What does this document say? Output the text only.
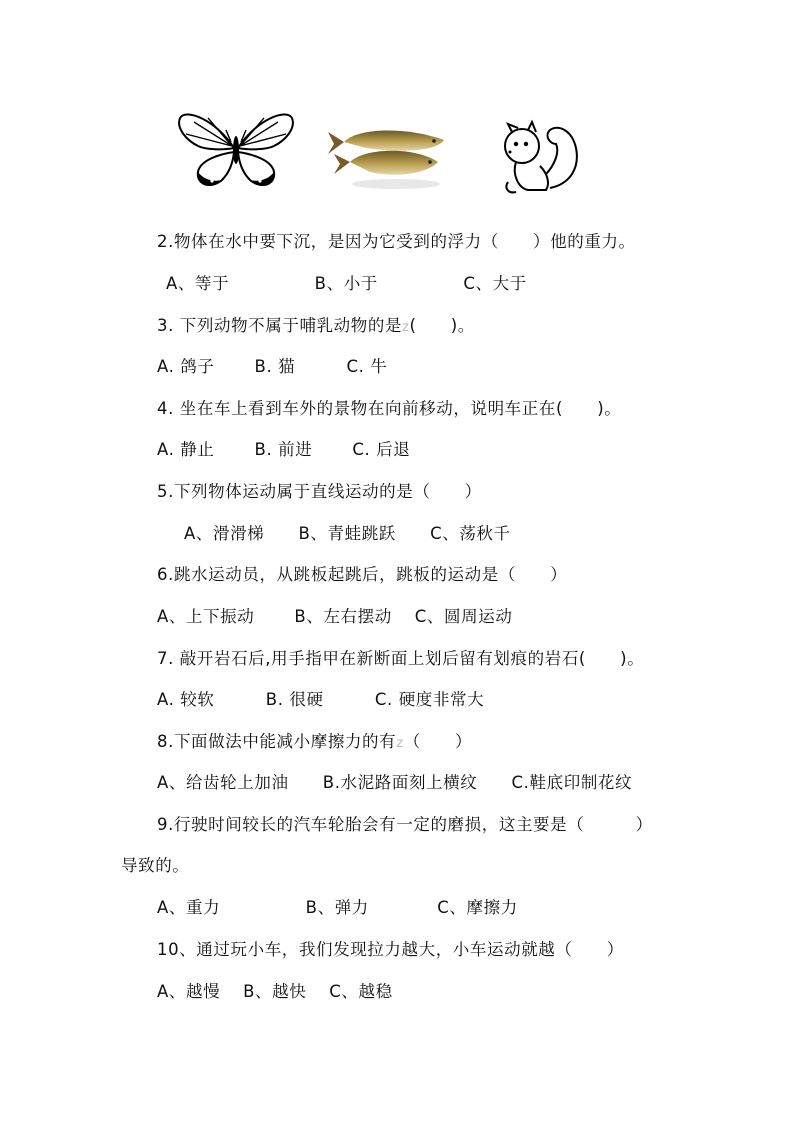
2.物体在水中要下沉，是因为它受到的浮力（　　）他的重力。
A、等于　　　　　B、小于　　　　　C、大于
3. 下列动物不属于哺乳动物的是z(　　)。
A. 鸽子　　 B. 猫　　　C. 牛
4. 坐在车上看到车外的景物在向前移动，说明车正在(　　)。
A. 静止　　 B. 前进　　 C. 后退
5.下列物体运动属于直线运动的是（　　）
A、滑滑梯　　B、青蛙跳跃　　C、荡秋千
6.跳水运动员，从跳板起跳后，跳板的运动是（　　）
A、上下振动　　 B、左右摆动　 C、圆周运动
7. 敲开岩石后,用手指甲在新断面上划后留有划痕的岩石(　　)。
A. 较软　　　B. 很硬　　　C. 硬度非常大
8.下面做法中能减小摩擦力的有z（　　）
A、给齿轮上加油　　B.水泥路面刻上横纹　　C.鞋底印制花纹
9.行驶时间较长的汽车轮胎会有一定的磨损，这主要是（　　　）
导致的。
A、重力　　　　　B、弹力　　　　C、摩擦力
10、通过玩小车，我们发现拉力越大，小车运动就越（　　）
A、越慢　 B、越快　 C、越稳
